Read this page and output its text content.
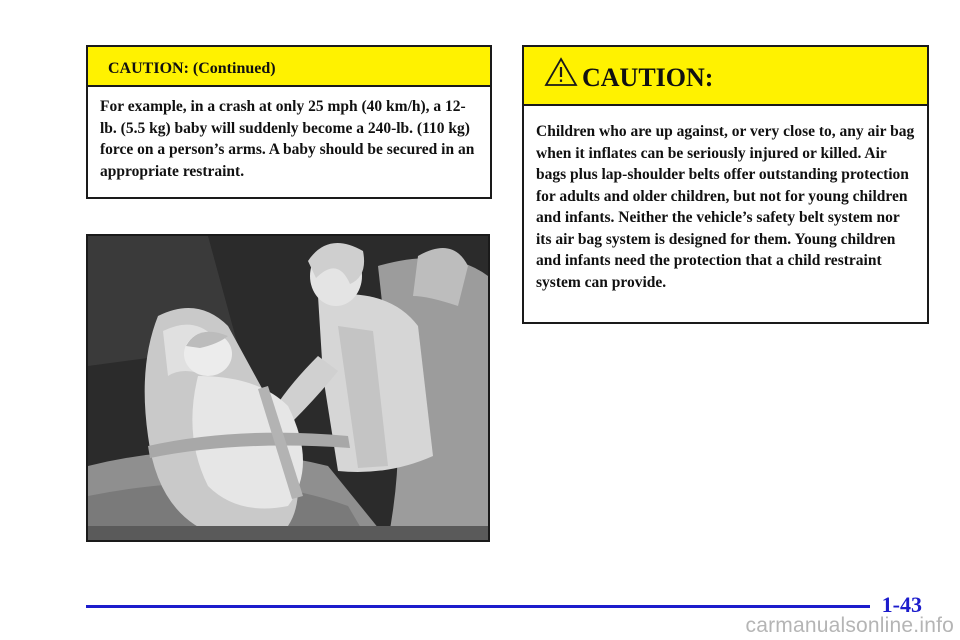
CAUTION: (Continued)
For example, in a crash at only 25 mph (40 km/h), a 12-lb. (5.5 kg) baby will suddenly become a 240-lb. (110 kg) force on a person’s arms. A baby should be secured in an appropriate restraint.
CAUTION:
Children who are up against, or very close to, any air bag when it inflates can be seriously injured or killed. Air bags plus lap-shoulder belts offer outstanding protection for adults and older children, but not for young children and infants. Neither the vehicle’s safety belt system nor its air bag system is designed for them. Young children and infants need the protection that a child restraint system can provide.
1-43
carmanualsonline.info
